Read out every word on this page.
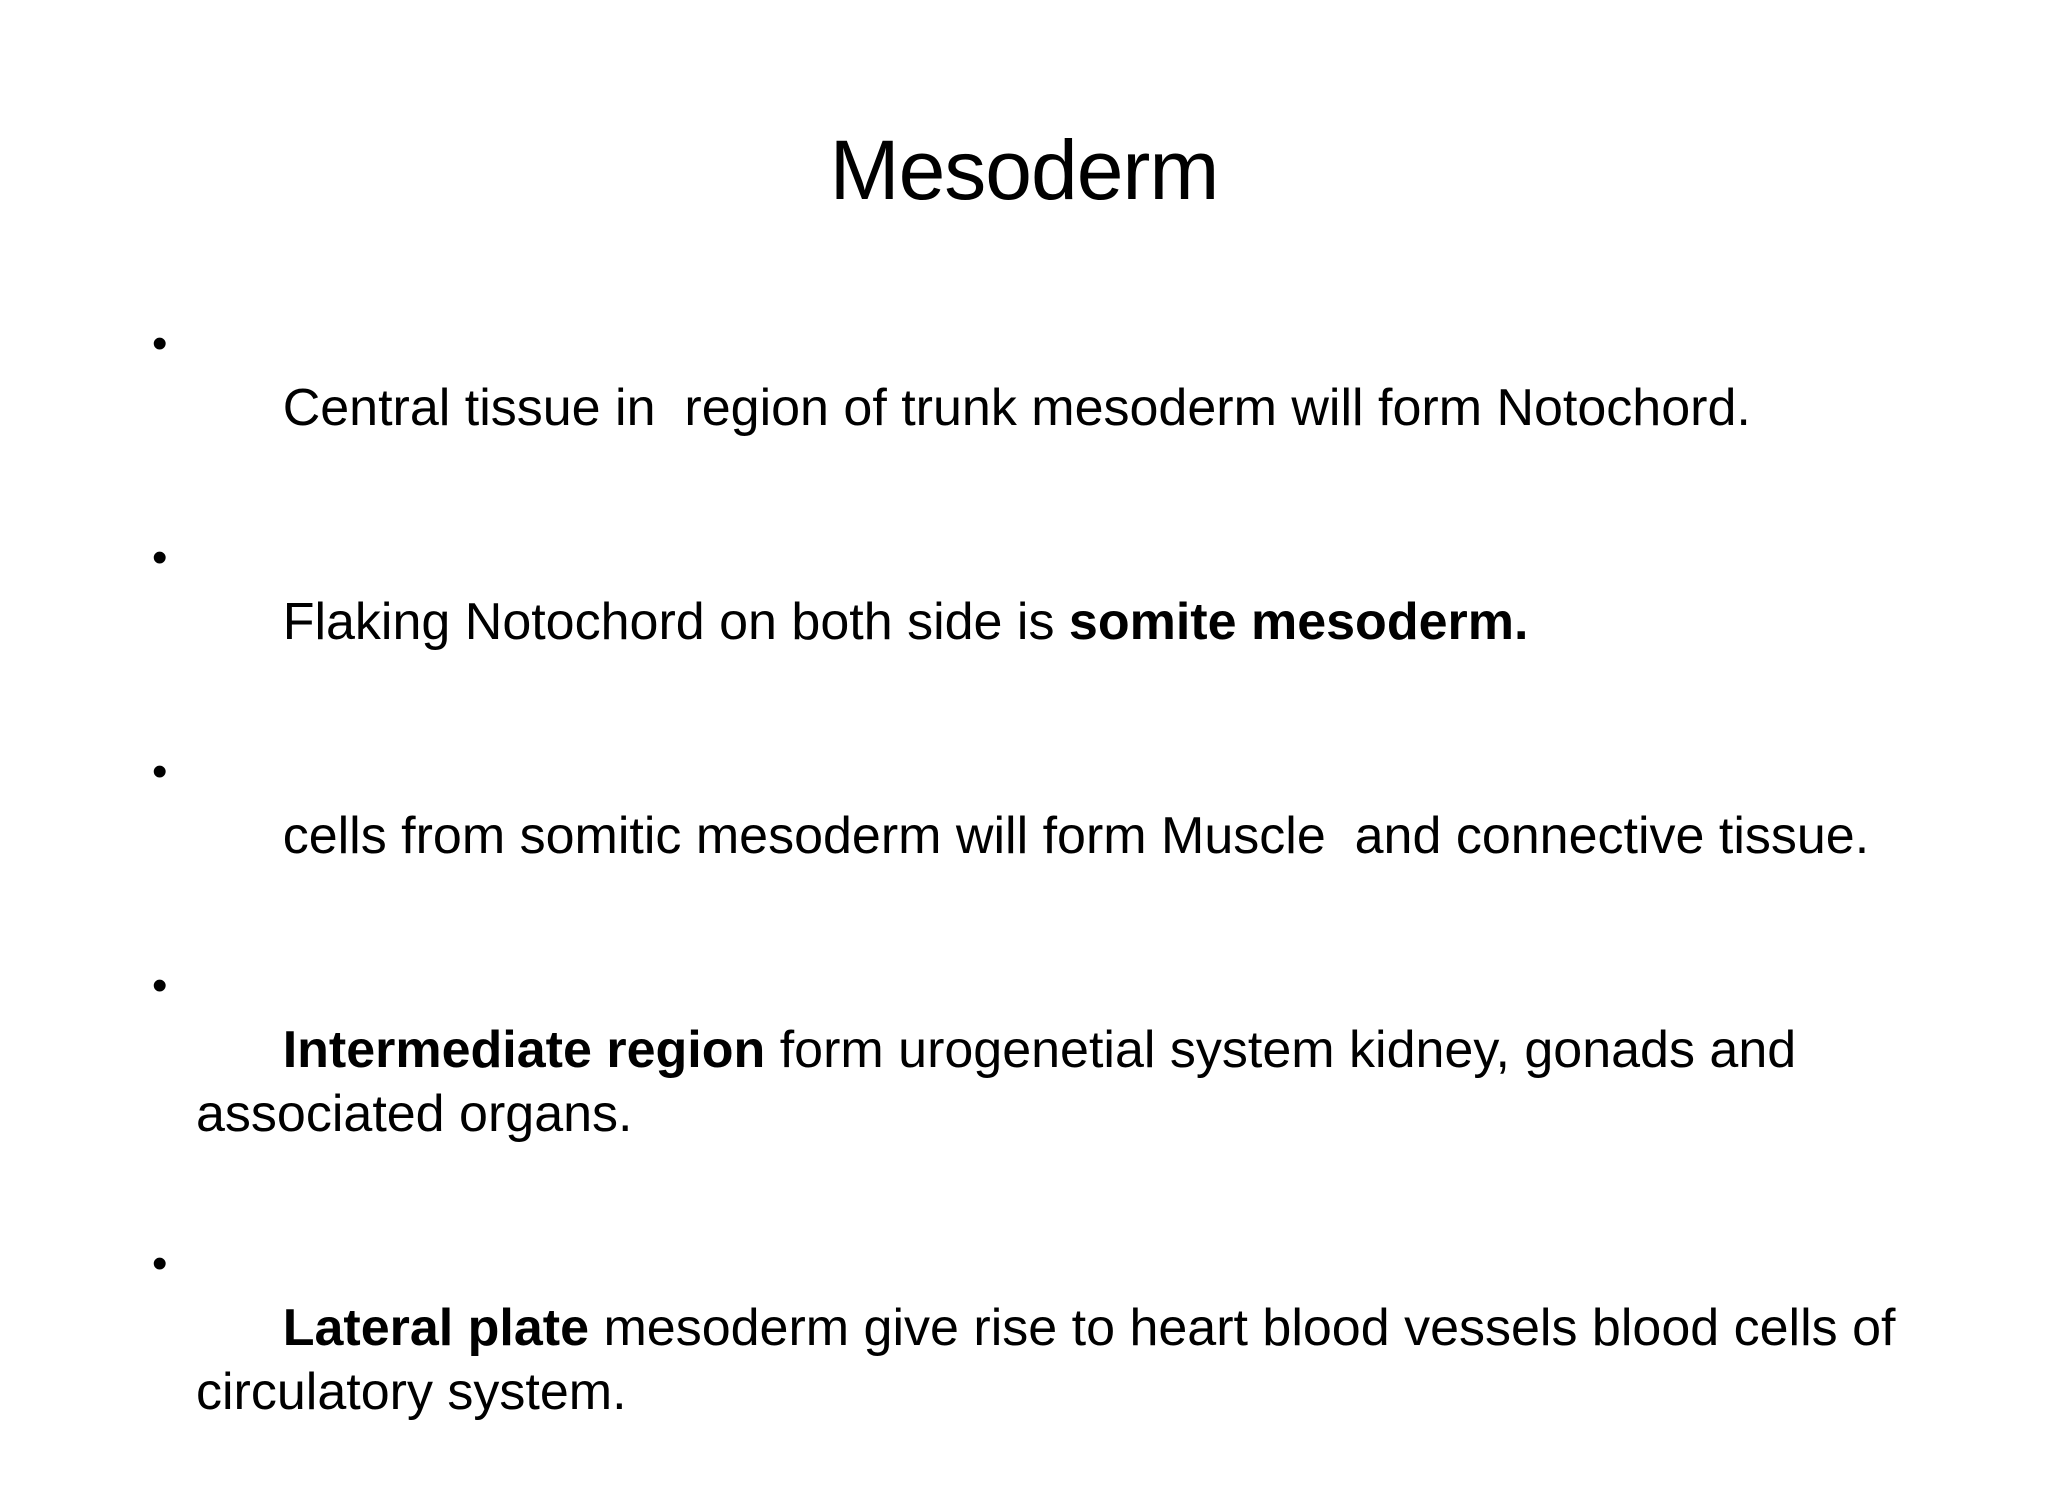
Mesoderm

•
Central tissue in  region of trunk mesoderm will form Notochord.

•
Flaking Notochord on both side is somite mesoderm.

•
cells from somitic mesoderm will form Muscle  and connective tissue.

•
Intermediate region form urogenetial system kidney, gonads and associated organs.

•
Lateral plate mesoderm give rise to heart blood vessels blood cells of circulatory system.
